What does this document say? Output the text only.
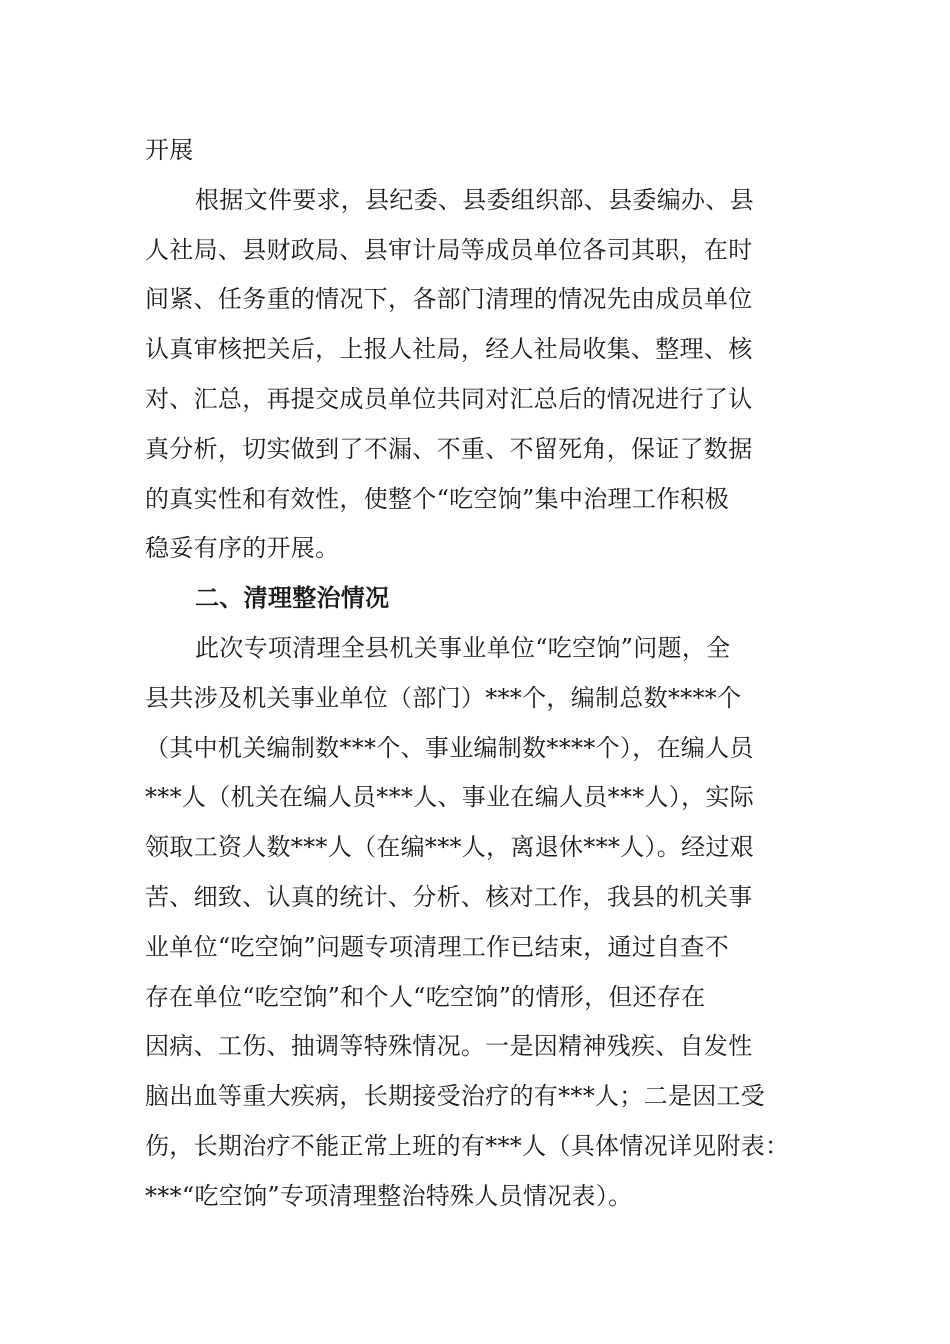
开展
根据文件要求，县纪委、县委组织部、县委编办、县
人社局、县财政局、县审计局等成员单位各司其职，在时
间紧、任务重的情况下，各部门清理的情况先由成员单位
认真审核把关后，上报人社局，经人社局收集、整理、核
对、汇总，再提交成员单位共同对汇总后的情况进行了认
真分析，切实做到了不漏、不重、不留死角，保证了数据
的真实性和有效性，使整个“吃空饷”集中治理工作积极
稳妥有序的开展。
二、清理整治情况
此次专项清理全县机关事业单位“吃空饷”问题，全
县共涉及机关事业单位（部门）***个，编制总数****个
（其中机关编制数***个、事业编制数****个），在编人员
***人（机关在编人员***人、事业在编人员***人），实际
领取工资人数***人（在编***人，离退休***人）。经过艰
苦、细致、认真的统计、分析、核对工作，我县的机关事
业单位“吃空饷”问题专项清理工作已结束，通过自查不
存在单位“吃空饷”和个人“吃空饷”的情形，但还存在
因病、工伤、抽调等特殊情况。一是因精神残疾、自发性
脑出血等重大疾病，长期接受治疗的有***人；二是因工受
伤，长期治疗不能正常上班的有***人（具体情况详见附表：
***“吃空饷”专项清理整治特殊人员情况表）。
